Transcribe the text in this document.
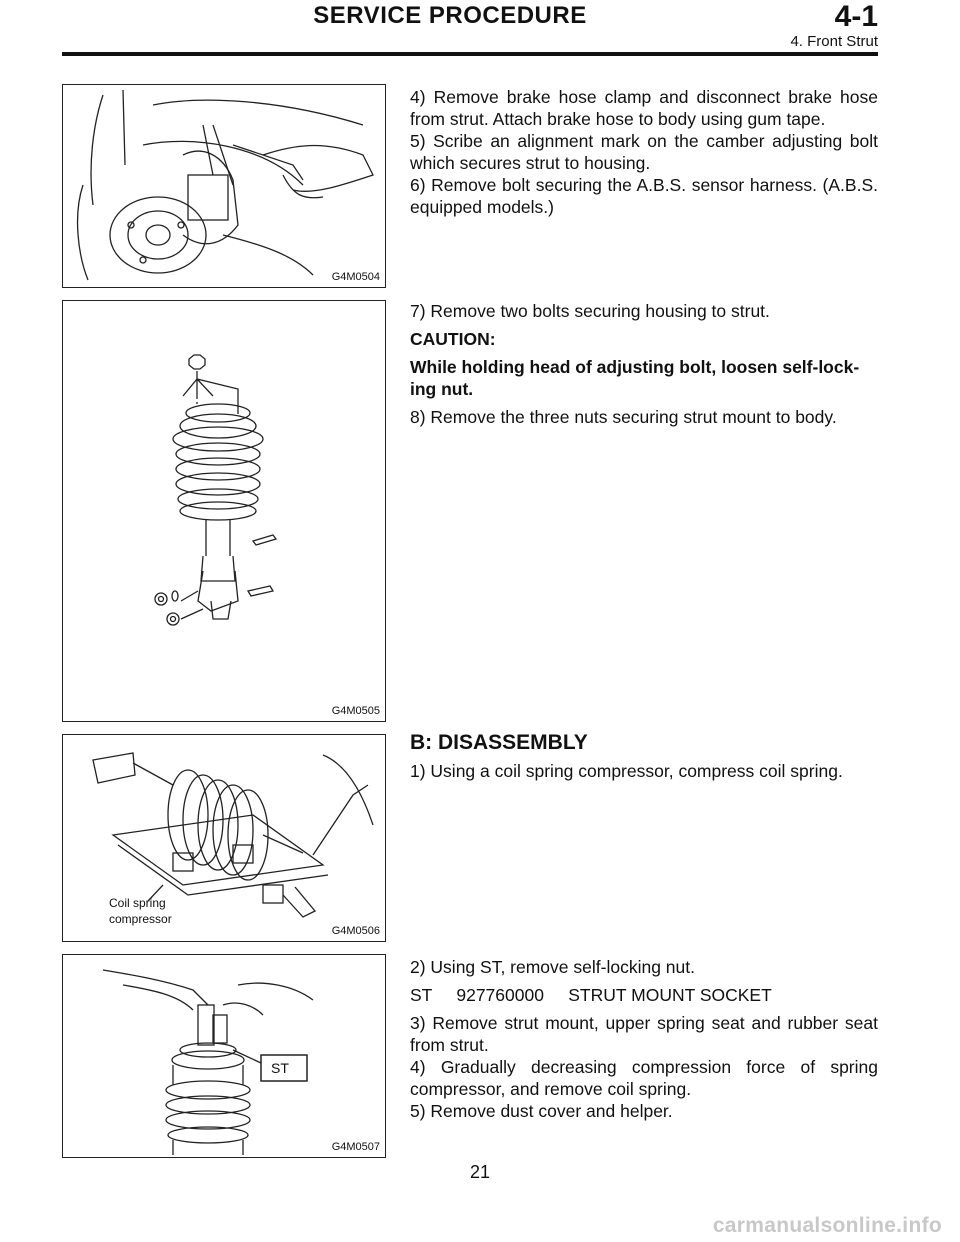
SERVICE PROCEDURE	4-1
4. Front Strut
G4M0504
G4M0505
Coil spring
compressor
G4M0506
ST
G4M0507

4) Remove brake hose clamp and disconnect brake hose from strut. Attach brake hose to body using gum tape.

5) Scribe an alignment mark on the camber adjusting bolt which secures strut to housing.

6) Remove bolt securing the A.B.S. sensor harness. (A.B.S. equipped models.)

7) Remove two bolts securing housing to strut.

CAUTION:

While holding head of adjusting bolt, loosen self-lock-ing nut.

8) Remove the three nuts securing strut mount to body.

B: DISASSEMBLY

1) Using a coil spring compressor, compress coil spring.

2) Using ST, remove self-locking nut.

ST     927760000     STRUT MOUNT SOCKET

3) Remove strut mount, upper spring seat and rubber seat from strut.

4) Gradually decreasing compression force of spring compressor, and remove coil spring.

5) Remove dust cover and helper.

21
carmanualsonline.info
